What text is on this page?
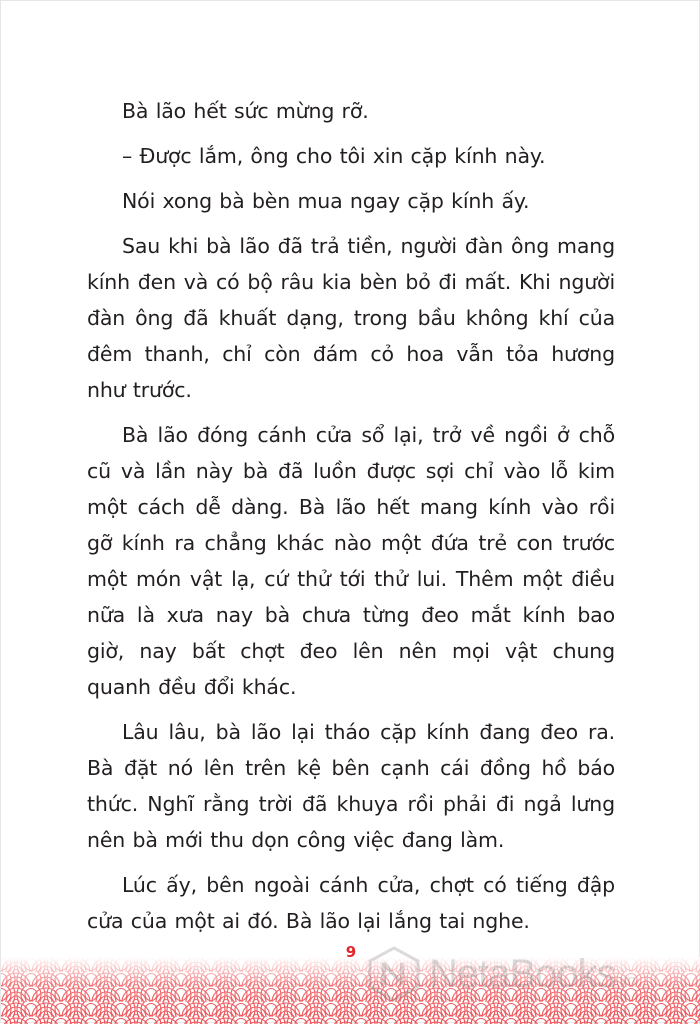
Bà lão hết sức mừng rỡ.

– Được lắm, ông cho tôi xin cặp kính này.

Nói xong bà bèn mua ngay cặp kính ấy.

Sau khi bà lão đã trả tiền, người đàn ông mang kính đen và có bộ râu kia bèn bỏ đi mất. Khi người đàn ông đã khuất dạng, trong bầu không khí của đêm thanh, chỉ còn đám cỏ hoa vẫn tỏa hương như trước.

Bà lão đóng cánh cửa sổ lại, trở về ngồi ở chỗ cũ và lần này bà đã luồn được sợi chỉ vào lỗ kim một cách dễ dàng. Bà lão hết mang kính vào rồi gỡ kính ra chẳng khác nào một đứa trẻ con trước một món vật lạ, cứ thử tới thử lui. Thêm một điều nữa là xưa nay bà chưa từng đeo mắt kính bao giờ, nay bất chợt đeo lên nên mọi vật chung quanh đều đổi khác.

Lâu lâu, bà lão lại tháo cặp kính đang đeo ra. Bà đặt nó lên trên kệ bên cạnh cái đồng hồ báo thức. Nghĩ rằng trời đã khuya rồi phải đi ngả lưng nên bà mới thu dọn công việc đang làm.

Lúc ấy, bên ngoài cánh cửa, chợt có tiếng đập cửa của một ai đó. Bà lão lại lắng tai nghe.

9	NetaBooks .vn
